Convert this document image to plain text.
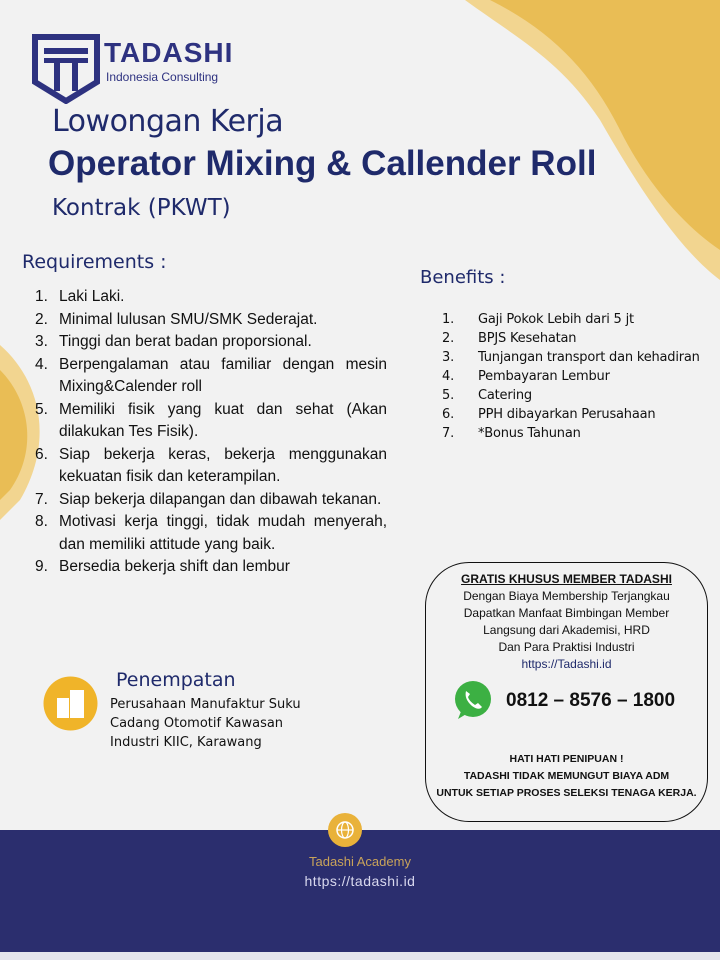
TADASHI
Indonesia Consulting
Lowongan Kerja
Operator Mixing & Callender Roll
Kontrak (PKWT)
Requirements :
1. Laki Laki.
2. Minimal lulusan SMU/SMK Sederajat.
3. Tinggi dan berat badan proporsional.
4. Berpengalaman atau familiar dengan mesin Mixing&Calender roll
5. Memiliki fisik yang kuat dan sehat (Akan dilakukan Tes Fisik).
6. Siap bekerja keras, bekerja menggunakan kekuatan fisik dan keterampilan.
7. Siap bekerja dilapangan dan dibawah tekanan.
8. Motivasi kerja tinggi, tidak mudah menyerah, dan memiliki attitude yang baik.
9. Bersedia bekerja shift dan lembur
Benefits :
1.	Gaji Pokok Lebih dari 5 jt
2.	BPJS Kesehatan
3.	Tunjangan transport dan kehadiran
4.	Pembayaran Lembur
5.	Catering
6.	PPH dibayarkan Perusahaan
7.	*Bonus Tahunan
Penempatan
Perusahaan Manufaktur Suku Cadang Otomotif Kawasan Industri KIIC, Karawang
GRATIS KHUSUS MEMBER TADASHI
Dengan Biaya Membership Terjangkau
Dapatkan Manfaat Bimbingan Member
Langsung dari Akademisi, HRD
Dan Para Praktisi Industri
https://Tadashi.id
0812 – 8576 – 1800
HATI HATI PENIPUAN !
TADASHI TIDAK MEMUNGUT BIAYA ADM
UNTUK SETIAP PROSES SELEKSI TENAGA KERJA.
Tadashi Academy
https://tadashi.id
